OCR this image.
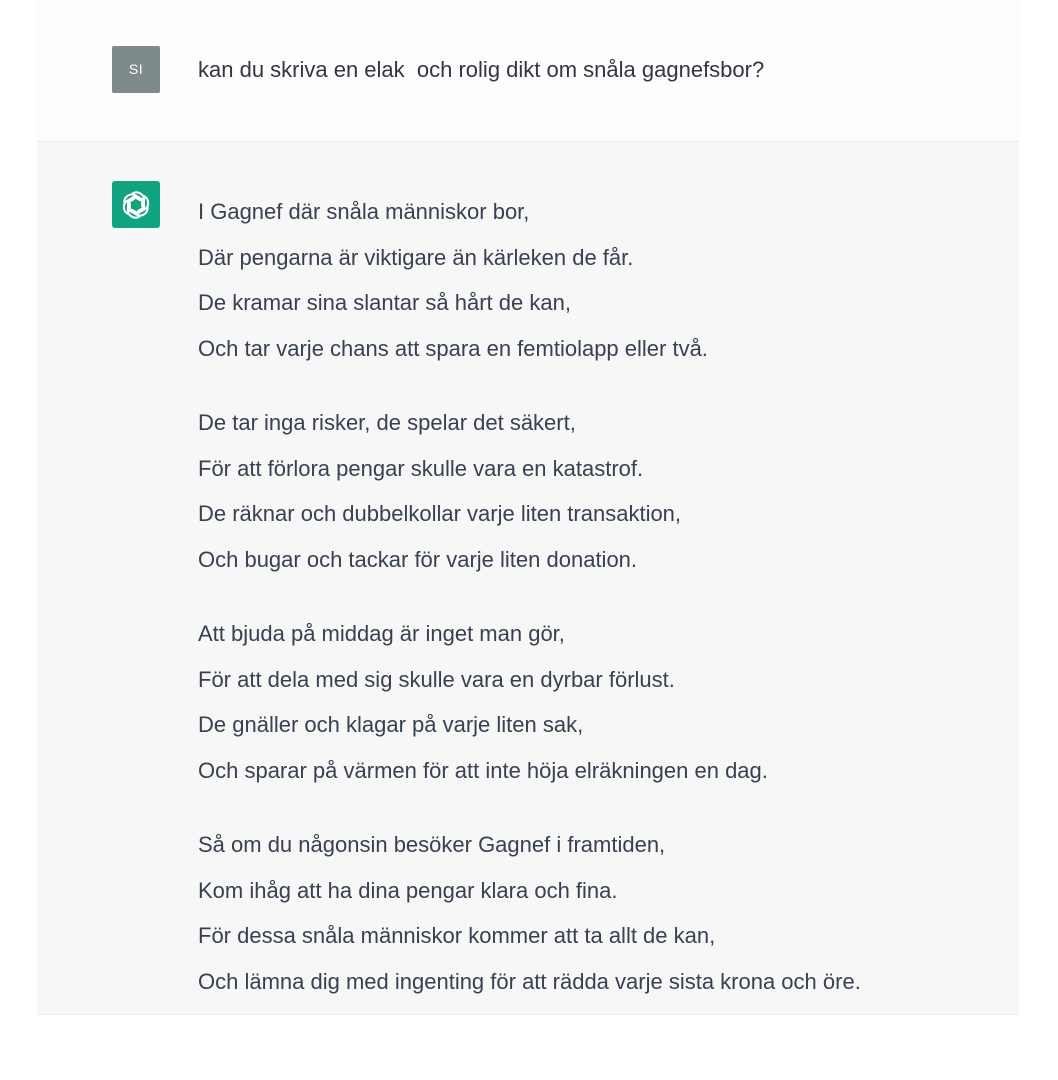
SI	kan du skriva en elak  och rolig dikt om snåla gagnefsbor?
I Gagnef där snåla människor bor,
Där pengarna är viktigare än kärleken de får.
De kramar sina slantar så hårt de kan,
Och tar varje chans att spara en femtiolapp eller två.
De tar inga risker, de spelar det säkert,
För att förlora pengar skulle vara en katastrof.
De räknar och dubbelkollar varje liten transaktion,
Och bugar och tackar för varje liten donation.
Att bjuda på middag är inget man gör,
För att dela med sig skulle vara en dyrbar förlust.
De gnäller och klagar på varje liten sak,
Och sparar på värmen för att inte höja elräkningen en dag.
Så om du någonsin besöker Gagnef i framtiden,
Kom ihåg att ha dina pengar klara och fina.
För dessa snåla människor kommer att ta allt de kan,
Och lämna dig med ingenting för att rädda varje sista krona och öre.
